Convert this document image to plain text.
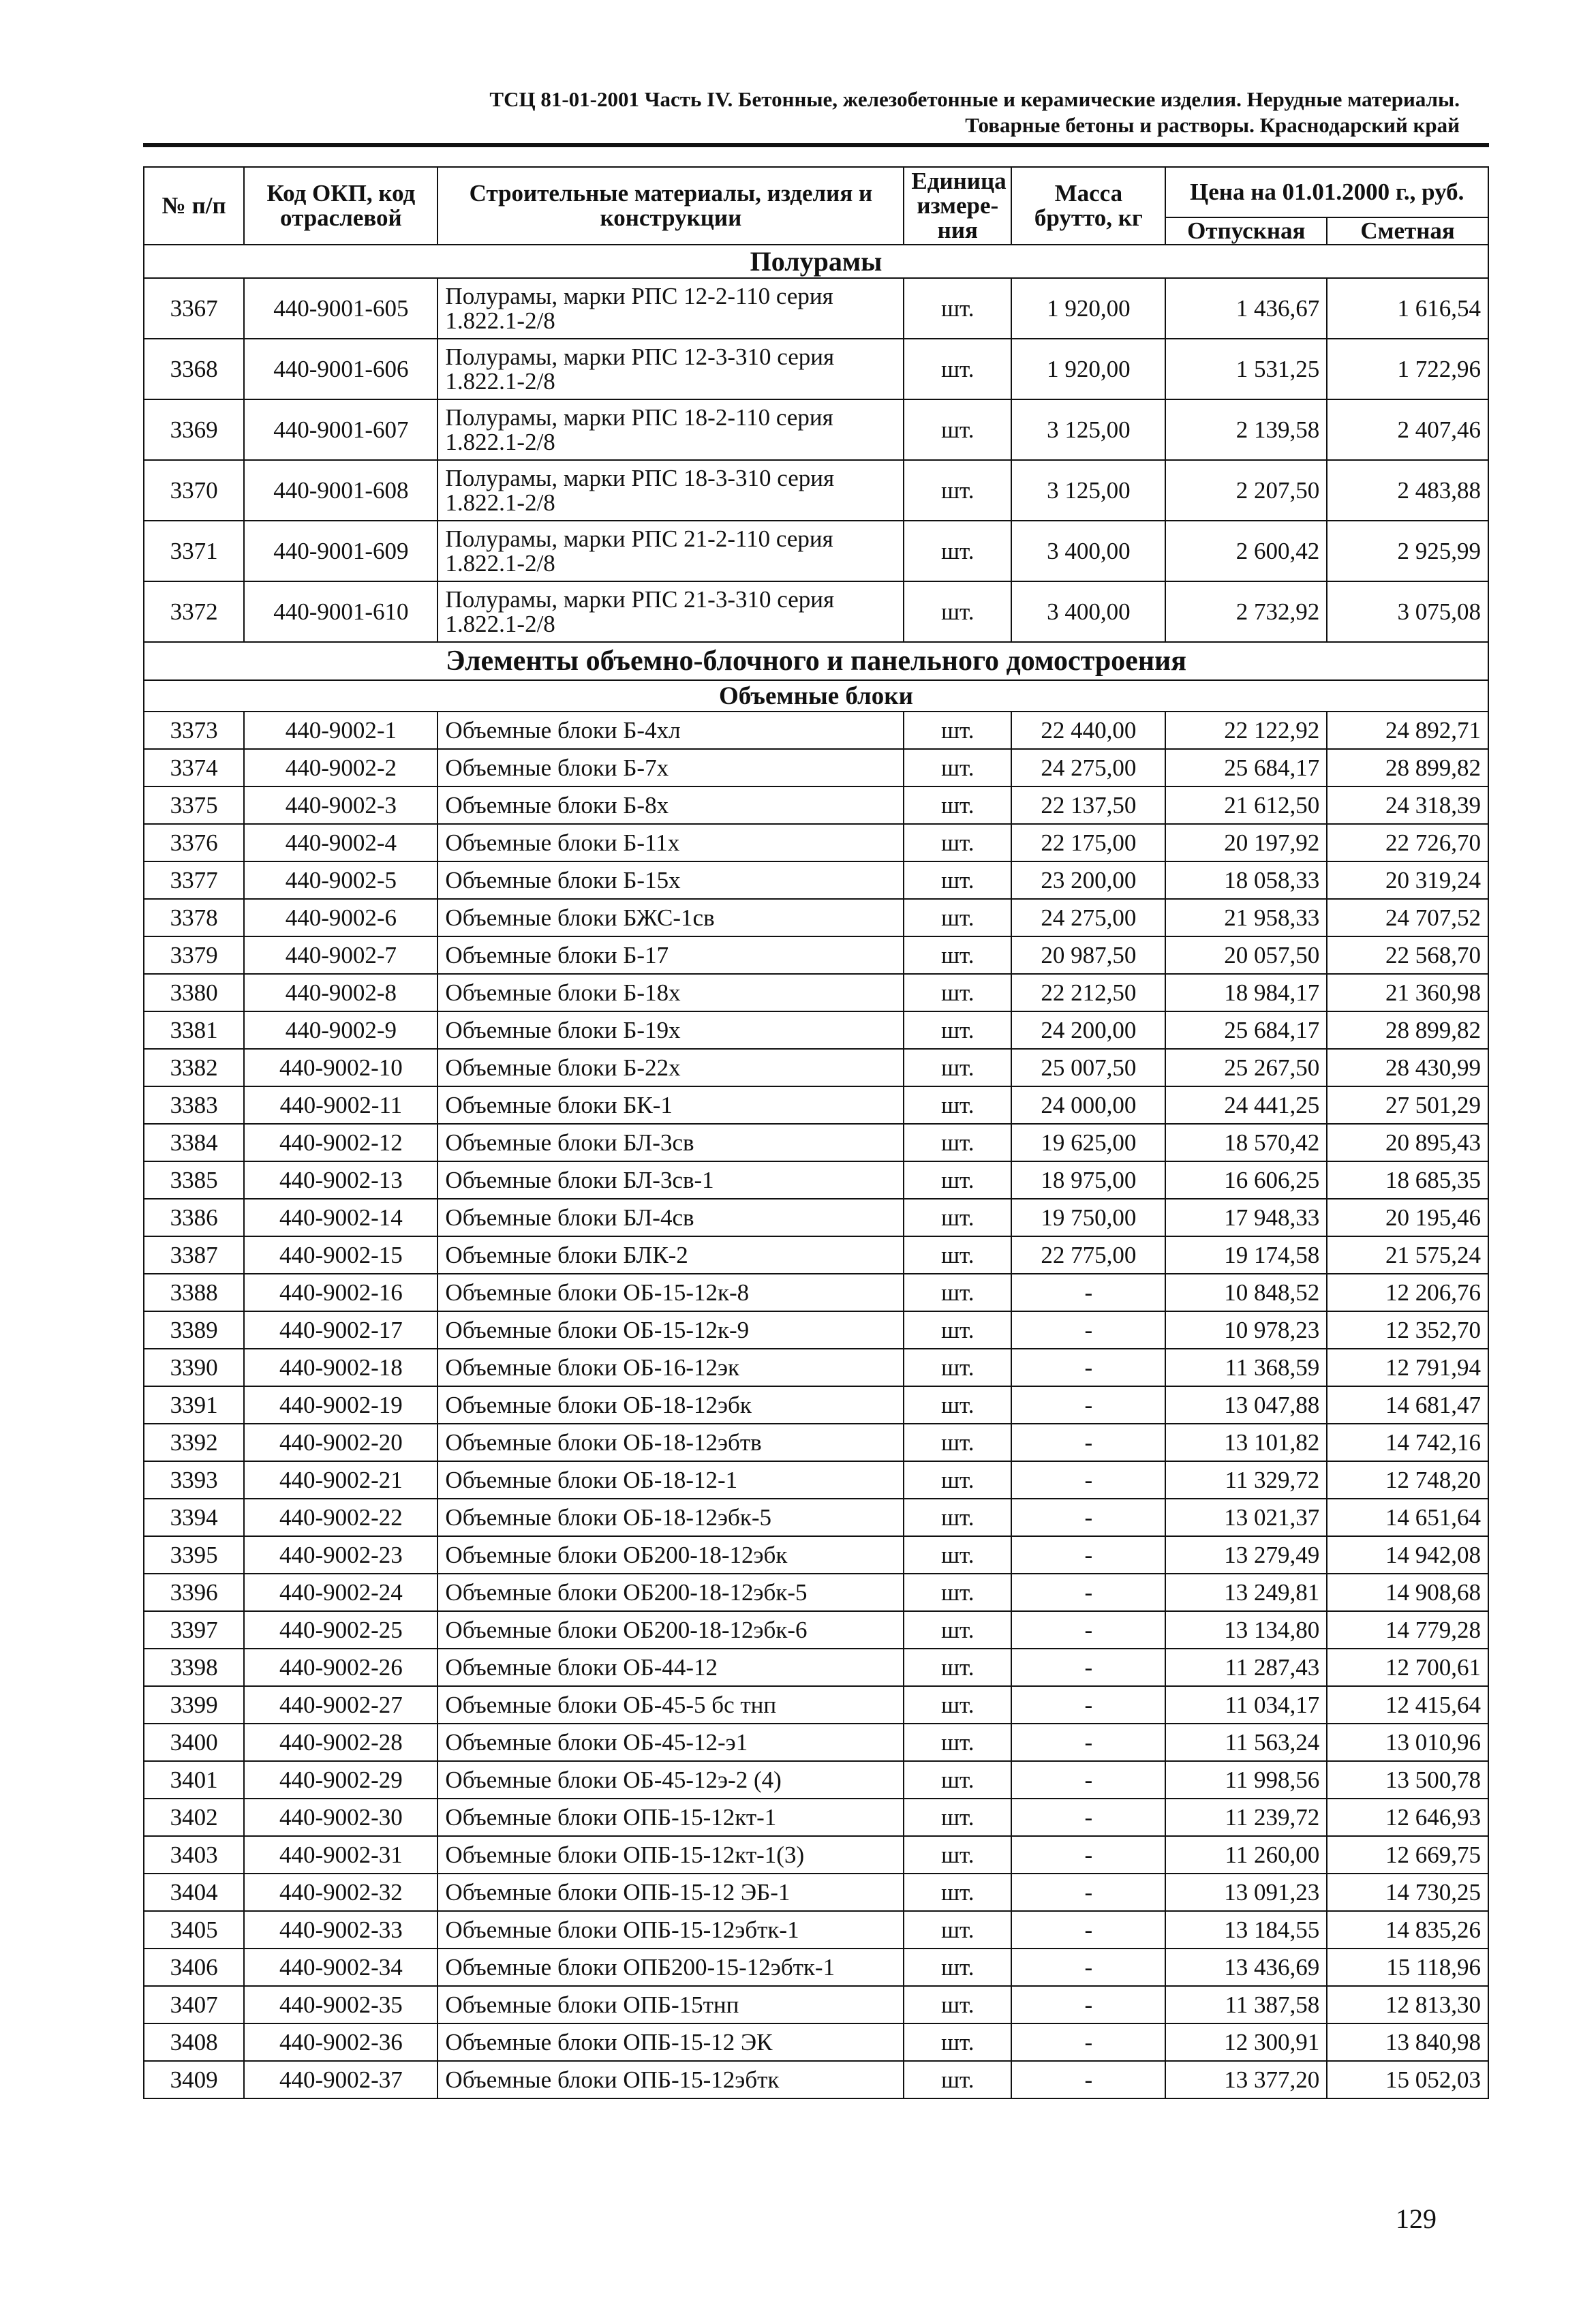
ТСЦ 81-01-2001 Часть IV. Бетонные, железобетонные и керамические изделия. Нерудные материалы.
Товарные бетоны и растворы. Краснодарский край
№ п/п	Код ОКП, код отраслевой	Строительные материалы, изделия и конструкции	Единица измере- ния	Масса брутто, кг	Цена на 01.01.2000 г., руб.	
					Отпускная	Сметная
Полурамы						
3367	440-9001-605	Полурамы, марки РПС 12-2-110 серия 1.822.1-2/8	шт.	1 920,00	1 436,67	1 616,54
3368	440-9001-606	Полурамы, марки РПС 12-3-310 серия 1.822.1-2/8	шт.	1 920,00	1 531,25	1 722,96
3369	440-9001-607	Полурамы, марки РПС 18-2-110 серия 1.822.1-2/8	шт.	3 125,00	2 139,58	2 407,46
3370	440-9001-608	Полурамы, марки РПС 18-3-310 серия 1.822.1-2/8	шт.	3 125,00	2 207,50	2 483,88
3371	440-9001-609	Полурамы, марки РПС 21-2-110 серия 1.822.1-2/8	шт.	3 400,00	2 600,42	2 925,99
3372	440-9001-610	Полурамы, марки РПС 21-3-310 серия 1.822.1-2/8	шт.	3 400,00	2 732,92	3 075,08
Элементы объемно-блочного и панельного домостроения						
Объемные блоки						
3373	440-9002-1	Объемные блоки Б-4хл	шт.	22 440,00	22 122,92	24 892,71
3374	440-9002-2	Объемные блоки Б-7х	шт.	24 275,00	25 684,17	28 899,82
3375	440-9002-3	Объемные блоки Б-8х	шт.	22 137,50	21 612,50	24 318,39
3376	440-9002-4	Объемные блоки Б-11х	шт.	22 175,00	20 197,92	22 726,70
3377	440-9002-5	Объемные блоки Б-15х	шт.	23 200,00	18 058,33	20 319,24
3378	440-9002-6	Объемные блоки БЖС-1св	шт.	24 275,00	21 958,33	24 707,52
3379	440-9002-7	Объемные блоки Б-17	шт.	20 987,50	20 057,50	22 568,70
3380	440-9002-8	Объемные блоки Б-18х	шт.	22 212,50	18 984,17	21 360,98
3381	440-9002-9	Объемные блоки Б-19х	шт.	24 200,00	25 684,17	28 899,82
3382	440-9002-10	Объемные блоки Б-22х	шт.	25 007,50	25 267,50	28 430,99
3383	440-9002-11	Объемные блоки БК-1	шт.	24 000,00	24 441,25	27 501,29
3384	440-9002-12	Объемные блоки БЛ-3св	шт.	19 625,00	18 570,42	20 895,43
3385	440-9002-13	Объемные блоки БЛ-3св-1	шт.	18 975,00	16 606,25	18 685,35
3386	440-9002-14	Объемные блоки БЛ-4св	шт.	19 750,00	17 948,33	20 195,46
3387	440-9002-15	Объемные блоки БЛК-2	шт.	22 775,00	19 174,58	21 575,24
3388	440-9002-16	Объемные блоки ОБ-15-12к-8	шт.	-	10 848,52	12 206,76
3389	440-9002-17	Объемные блоки ОБ-15-12к-9	шт.	-	10 978,23	12 352,70
3390	440-9002-18	Объемные блоки ОБ-16-12эк	шт.	-	11 368,59	12 791,94
3391	440-9002-19	Объемные блоки ОБ-18-12эбк	шт.	-	13 047,88	14 681,47
3392	440-9002-20	Объемные блоки ОБ-18-12эбтв	шт.	-	13 101,82	14 742,16
3393	440-9002-21	Объемные блоки ОБ-18-12-1	шт.	-	11 329,72	12 748,20
3394	440-9002-22	Объемные блоки ОБ-18-12эбк-5	шт.	-	13 021,37	14 651,64
3395	440-9002-23	Объемные блоки ОБ200-18-12эбк	шт.	-	13 279,49	14 942,08
3396	440-9002-24	Объемные блоки ОБ200-18-12эбк-5	шт.	-	13 249,81	14 908,68
3397	440-9002-25	Объемные блоки ОБ200-18-12эбк-6	шт.	-	13 134,80	14 779,28
3398	440-9002-26	Объемные блоки ОБ-44-12	шт.	-	11 287,43	12 700,61
3399	440-9002-27	Объемные блоки ОБ-45-5 бс тнп	шт.	-	11 034,17	12 415,64
3400	440-9002-28	Объемные блоки ОБ-45-12-э1	шт.	-	11 563,24	13 010,96
3401	440-9002-29	Объемные блоки ОБ-45-12э-2 (4)	шт.	-	11 998,56	13 500,78
3402	440-9002-30	Объемные блоки ОПБ-15-12кт-1	шт.	-	11 239,72	12 646,93
3403	440-9002-31	Объемные блоки ОПБ-15-12кт-1(3)	шт.	-	11 260,00	12 669,75
3404	440-9002-32	Объемные блоки ОПБ-15-12 ЭБ-1	шт.	-	13 091,23	14 730,25
3405	440-9002-33	Объемные блоки ОПБ-15-12эбтк-1	шт.	-	13 184,55	14 835,26
3406	440-9002-34	Объемные блоки ОПБ200-15-12эбтк-1	шт.	-	13 436,69	15 118,96
3407	440-9002-35	Объемные блоки ОПБ-15тнп	шт.	-	11 387,58	12 813,30
3408	440-9002-36	Объемные блоки ОПБ-15-12 ЭК	шт.	-	12 300,91	13 840,98
3409	440-9002-37	Объемные блоки ОПБ-15-12эбтк	шт.	-	13 377,20	15 052,03
129
